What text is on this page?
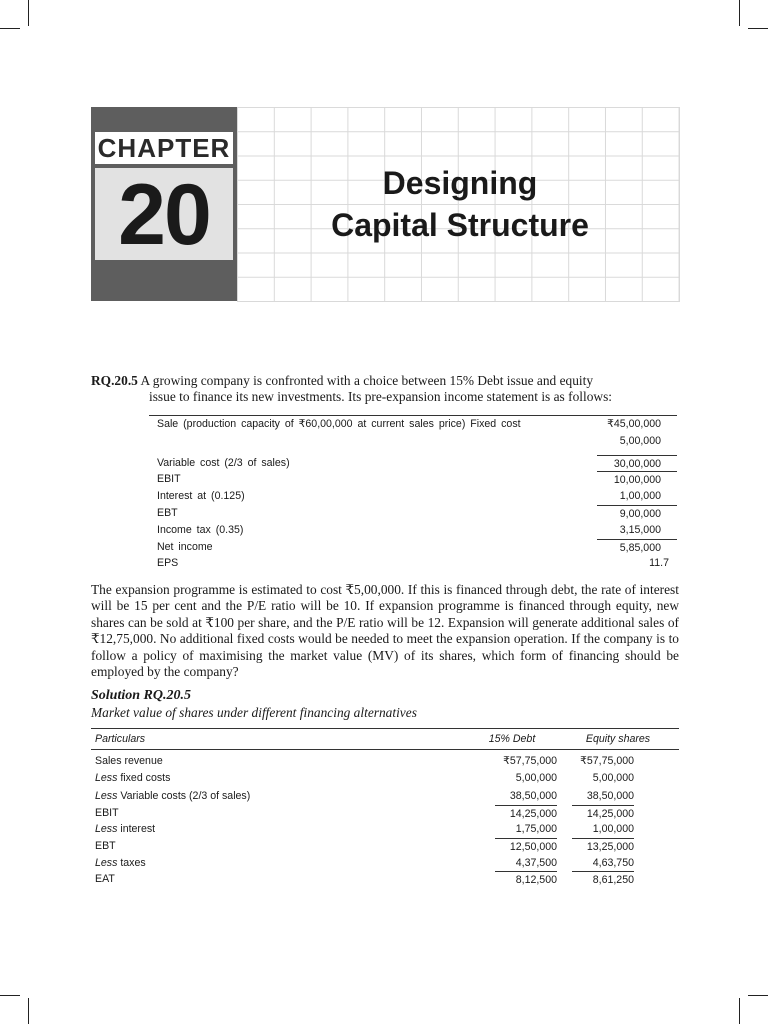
CHAPTER
20	Designing
Capital Structure
RQ.20.5 A growing company is confronted with a choice between 15% Debt issue and equity
issue to finance its new investments. Its pre-expansion income statement is as follows:
Sale (production capacity of ₹60,00,000 at current sales price) Fixed cost	₹45,00,000
5,00,000
Variable cost (2/3 of sales)	30,00,000
EBIT	10,00,000
Interest at (0.125)	1,00,000
EBT	9,00,000
Income tax (0.35)	3,15,000
Net income	5,85,000
EPS	11.7
The expansion programme is estimated to cost ₹5,00,000. If this is financed through debt, the rate of interest will be 15 per cent and the P/E ratio will be 10. If expansion programme is financed through equity, new shares can be sold at ₹100 per share, and the P/E ratio will be 12. Expansion will generate additional sales of ₹12,75,000. No additional fixed costs would be needed to meet the expansion operation. If the company is to follow a policy of maximising the market value (MV) of its shares, which form of financing should be employed by the company?
Solution RQ.20.5
Market value of shares under different financing alternatives
Particulars	15% Debt	Equity shares
Sales revenue	₹57,75,000	₹57,75,000
Less fixed costs	5,00,000	5,00,000
Less Variable costs (2/3 of sales)	38,50,000	38,50,000
EBIT	14,25,000	14,25,000
Less interest	1,75,000	1,00,000
EBT	12,50,000	13,25,000
Less taxes	4,37,500	4,63,750
EAT	8,12,500	8,61,250
